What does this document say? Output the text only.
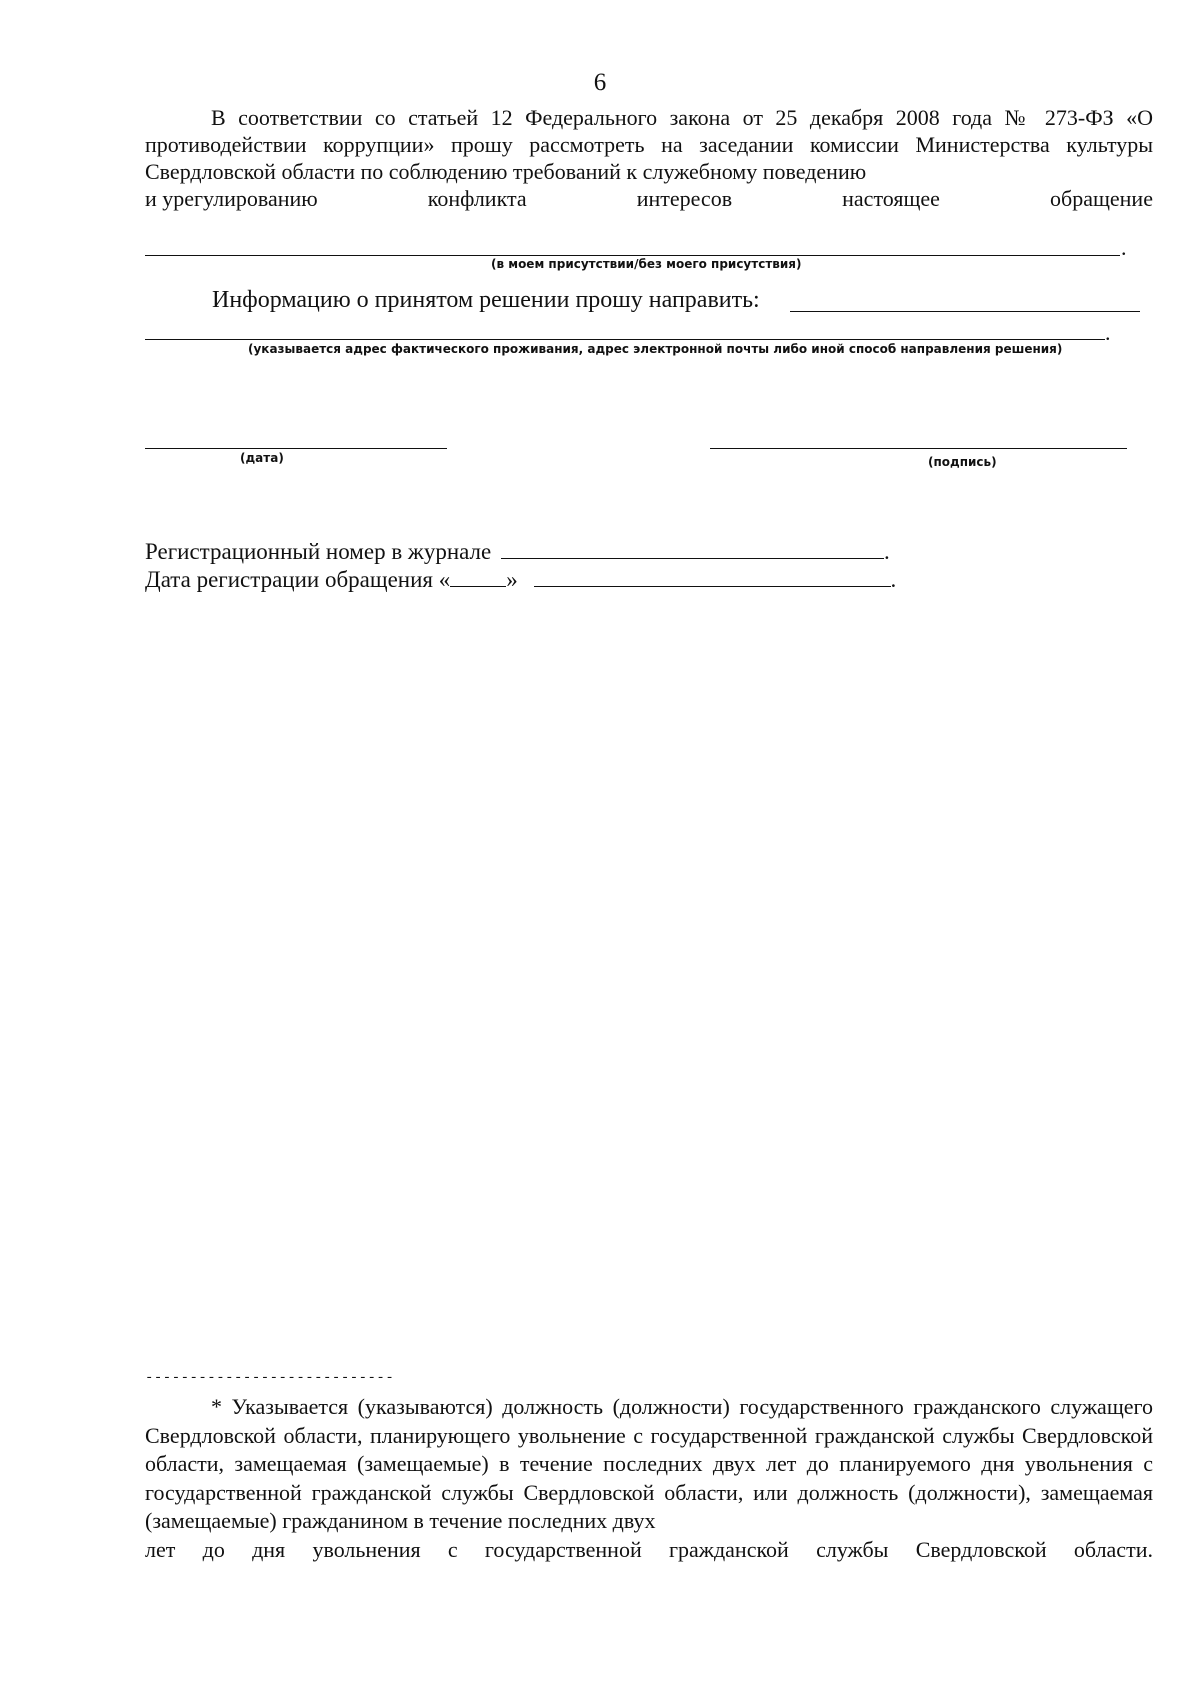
6

В соответствии со статьей 12 Федерального закона от 25 декабря 2008 года № 273-ФЗ «О противодействии коррупции» прошу рассмотреть на заседании комиссии Министерства культуры Свердловской области по соблюдению требований к служебному поведению

и урегулированию	конфликта	интересов	настоящее	обращение
.
(в моем присутствии/без моего присутствия)
Информацию о принятом решении прошу направить:
.
(указывается адрес фактического проживания, адрес электронной почты либо иной способ направления решения)
(дата)	(подпись)
Регистрационный номер в журнале	.
Дата регистрации обращения « »	.
----------------------------

* Указывается (указываются) должность (должности) государственного гражданского служащего Свердловской области, планирующего увольнение с государственной гражданской службы Свердловской области, замещаемая (замещаемые) в течение последних двух лет до планируемого дня увольнения с государственной гражданской службы Свердловской области, или должность (должности), замещаемая (замещаемые) гражданином в течение последних двух

лет до дня увольнения с государственной гражданской службы Свердловской области.
